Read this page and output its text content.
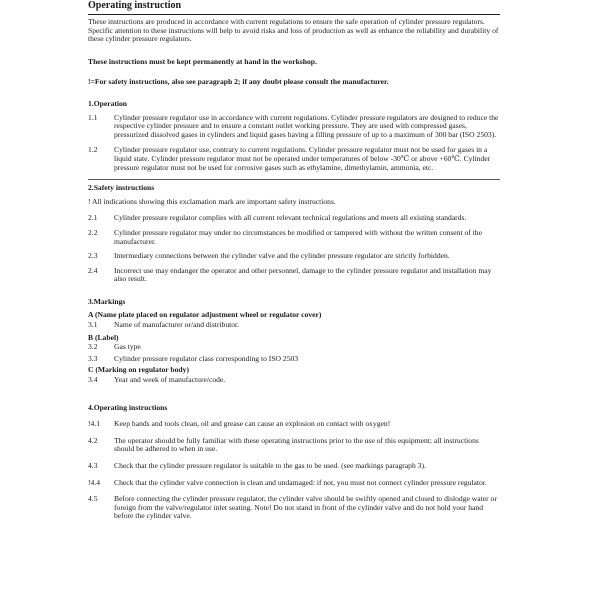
Operating instruction
These instructions are produced in accordance with current regulations to ensure the safe operation of cylinder pressure regulators. Specific attention to these instructions will help to avoid risks and loss of production as well as enhance the reliability and durability of these cylinder pressure regulators.
These instructions must be kept permanently at hand in the workshop.
!=For safety instructions, also see paragraph 2; if any doubt please consult the manufacturer.
1.Operation
1.1	Cylinder pressure regulator use in accordance with current regulations. Cylinder pressure regulators are designed to reduce the respective cylinder pressure and to ensure a constant outlet working pressure. They are used with compressed gases, pressurized dissolved gases in cylinders and liquid gases having a filling pressure of up to a maximum of 300 bar (ISO 2503).
1.2	Cylinder pressure regulator use, contrary to current regulations. Cylinder pressure regulator must not be used for gases in a liquid state. Cylinder pressure regulator must not be operated under temperatures of below -30℃ or above +60℃. Cylinder pressure regulator must not be used for corrosive gases such as ethylamine, dimethylamin, ammonia, etc.
2.Safety instructions
! All indications showing this exclamation mark are important safety instructions.
2.1	Cylinder pressure regulator complies with all current relevant technical regulations and meets all existing standards.
2.2	Cylinder pressure regulator may under no circumstances be modified or tampered with without the written consent of the manufacturer.
2.3	Intermediary connections between the cylinder valve and the cylinder pressure regulator are strictly forbidden.
2.4	Incorrect use may endanger the operator and other personnel, damage to the cylinder pressure regulator and installation may also result.
3.Markings
A (Name plate placed on regulator adjustment wheel or regulator cover)
3.1	Name of manufacturer or/and distributor.
B (Label)
3.2	Gas type
3.3	Cylinder pressure regulator class corresponding to ISO 2503
C (Marking on regulator body)
3.4	Year and week of manufacture/code.
4.Operating instructions
!4.1	Keep hands and tools clean, oil and grease can cause an explosion on contact with oxygen!
4.2	The operator should be fully familiar with these operating instructions prior to the use of this equipment; all instructions should be adhered to when in use.
4.3	Check that the cylinder pressure regulator is suitable to the gas to be used. (see markings paragraph 3).
!4.4	Check that the cylinder valve connection is clean and undamaged: if not, you must not connect cylinder pressure regulator.
4.5	Before connecting the cylinder pressure regulator, the cylinder valve should be swiftly opened and closed to dislodge water or foreign from the valve/regulator inlet seating. Note! Do not stand in front of the cylinder valve and do not hold your hand before the cylinder valve.
